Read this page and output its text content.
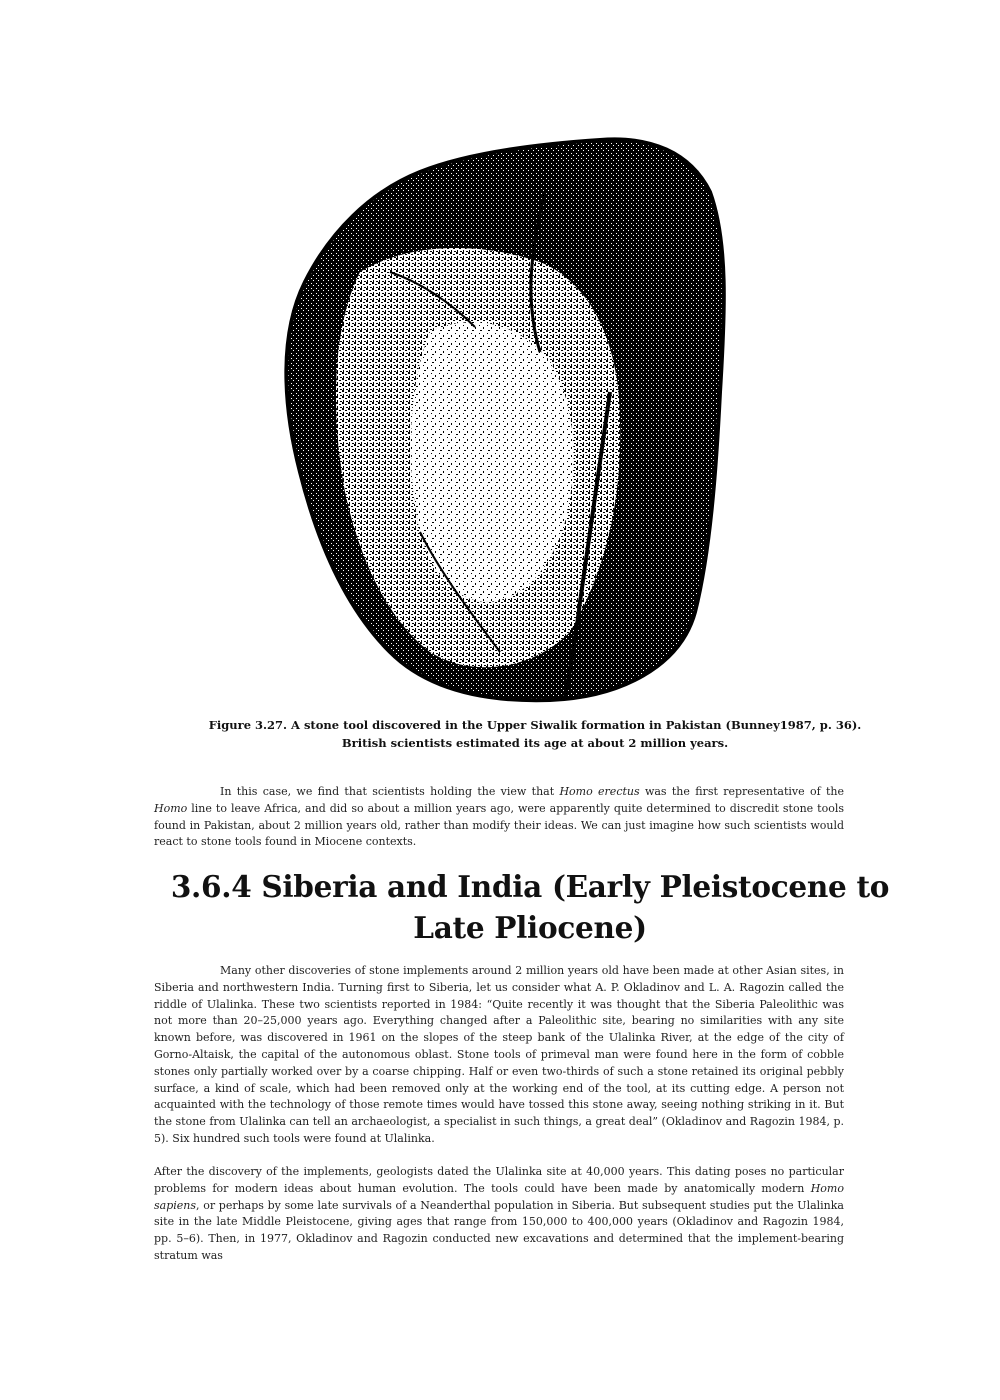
Figure 3.27. A stone tool discovered in the Upper Siwalik formation in Pakistan (Bunney1987, p. 36).
British scientists estimated its age at about 2 million years.
In this case, we find that scientists holding the view that Homo erectus was the first representative of the Homo line to leave Africa, and did so about a million years ago, were apparently quite determined to discredit stone tools found in Pakistan, about 2 million years old, rather than modify their ideas. We can just imagine how such scientists would react to stone tools found in Miocene contexts.
3.6.4 Siberia and India (Early Pleistocene to
Late Pliocene)
Many other discoveries of stone implements around 2 million years old have been made at other Asian sites, in Siberia and northwestern India. Turning first to Siberia, let us consider what A. P. Okladinov and L. A. Ragozin called the riddle of Ulalinka. These two scientists reported in 1984: “Quite recently it was thought that the Siberia Paleolithic was not more than 20–25,000 years ago. Everything changed after a Paleolithic site, bearing no similarities with any site known before, was discovered in 1961 on the slopes of the steep bank of the Ulalinka River, at the edge of the city of Gorno-Altaisk, the capital of the autonomous oblast. Stone tools of primeval man were found here in the form of cobble stones only partially worked over by a coarse chipping. Half or even two-thirds of such a stone retained its original pebbly surface, a kind of scale, which had been removed only at the working end of the tool, at its cutting edge. A person not acquainted with the technology of those remote times would have tossed this stone away, seeing nothing striking in it. But the stone from Ulalinka can tell an archaeologist, a specialist in such things, a great deal” (Okladinov and Ragozin 1984, p. 5). Six hundred such tools were found at Ulalinka.
After the discovery of the implements, geologists dated the Ulalinka site at 40,000 years. This dating poses no particular problems for modern ideas about human evolution. The tools could have been made by anatomically modern Homo sapiens, or perhaps by some late survivals of a Neanderthal population in Siberia. But subsequent studies put the Ulalinka site in the late Middle Pleistocene, giving ages that range from 150,000 to 400,000 years (Okladinov and Ragozin 1984, pp. 5–6). Then, in 1977, Okladinov and Ragozin conducted new excavations and determined that the implement-bearing stratum was
